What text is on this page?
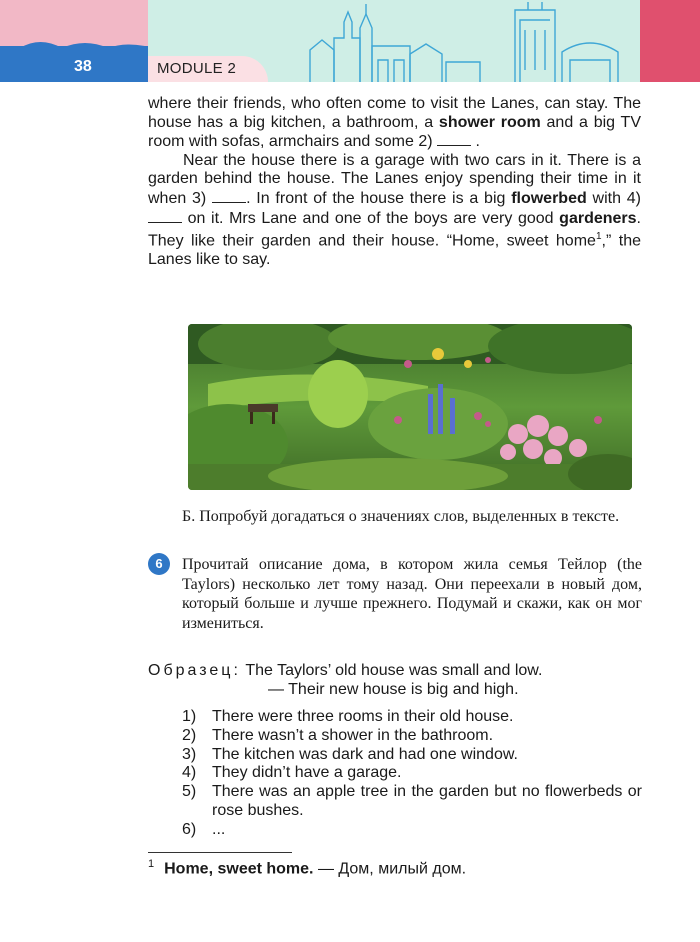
38	MODULE 2

where their friends, who often come to visit the Lanes, can stay. The house has a big kitchen, a bathroom, a shower room and a big TV room with sofas, armchairs and some 2)  .

Near the house there is a garage with two cars in it. There is a garden behind the house. The Lanes enjoy spending their time in it when 3) . In front of the house there is a big flowerbed with 4)  on it. Mrs Lane and one of the boys are very good gardeners. They like their garden and their house. “Home, sweet home$^1$,” the Lanes like to say.

Б. Попробуй догадаться о значениях слов, выделенных в тексте.
6	Прочитай описание дома, в котором жила семья Тейлор (the Taylors) несколько лет тому назад. Они переехали в новый дом, который больше и лучше прежнего. Подумай и скажи, как он мог измениться.
Образец: The Taylors’ old house was small and low.
— Their new house is big and high.
1) There were three rooms in their old house.
2) There wasn’t a shower in the bathroom.
3) The kitchen was dark and had one window.
4) They didn’t have a garage.
5) There was an apple tree in the garden but no flowerbeds or rose bushes.
6) ...
$^1$ Home, sweet home. — Дом, милый дом.
